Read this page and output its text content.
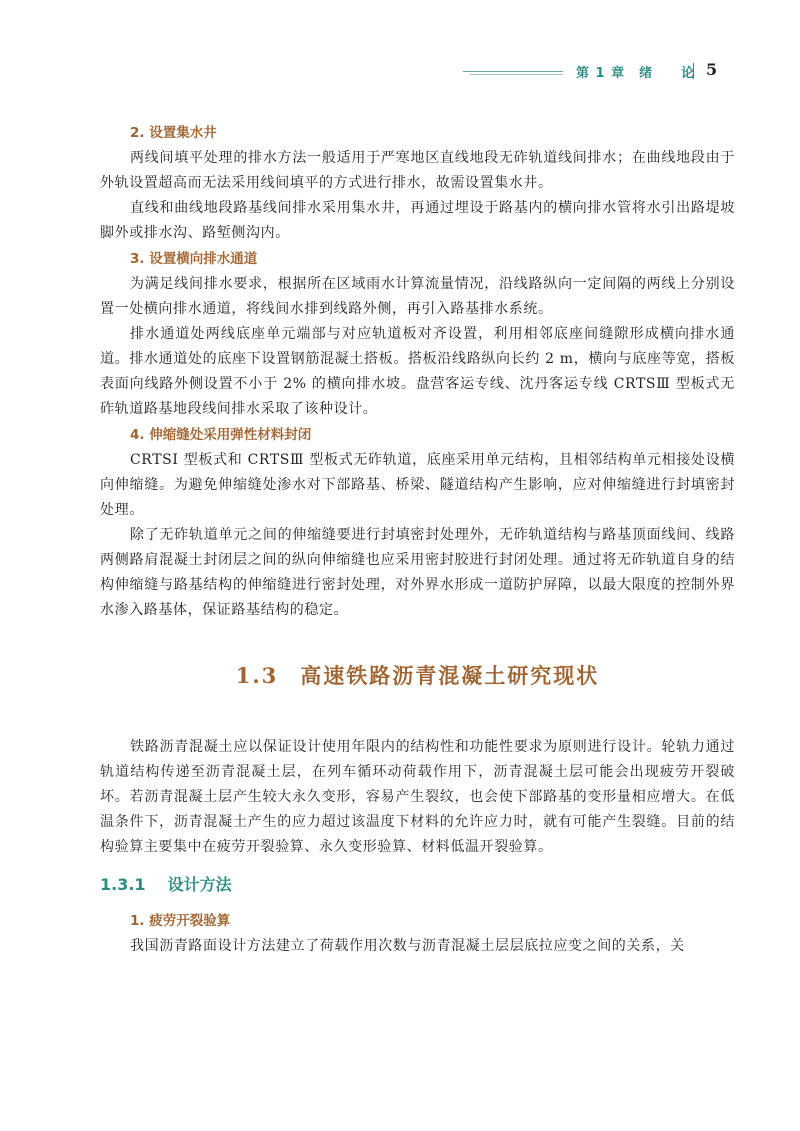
第 1 章　绪　　论 5

2. 设置集水井

两线间填平处理的排水方法一般适用于严寒地区直线地段无砟轨道线间排水；在曲线地段由于外轨设置超高而无法采用线间填平的方式进行排水，故需设置集水井。

直线和曲线地段路基线间排水采用集水井，再通过埋设于路基内的横向排水管将水引出路堤坡脚外或排水沟、路堑侧沟内。

3. 设置横向排水通道

为满足线间排水要求，根据所在区域雨水计算流量情况，沿线路纵向一定间隔的两线上分别设置一处横向排水通道，将线间水排到线路外侧，再引入路基排水系统。

排水通道处两线底座单元端部与对应轨道板对齐设置，利用相邻底座间缝隙形成横向排水通道。排水通道处的底座下设置钢筋混凝土搭板。搭板沿线路纵向长约 2 m，横向与底座等宽，搭板表面向线路外侧设置不小于 2% 的横向排水坡。盘营客运专线、沈丹客运专线 CRTSⅢ 型板式无砟轨道路基地段线间排水采取了该种设计。

4. 伸缩缝处采用弹性材料封闭

CRTSⅠ 型板式和 CRTSⅢ 型板式无砟轨道，底座采用单元结构，且相邻结构单元相接处设横向伸缩缝。为避免伸缩缝处渗水对下部路基、桥梁、隧道结构产生影响，应对伸缩缝进行封填密封处理。

除了无砟轨道单元之间的伸缩缝要进行封填密封处理外，无砟轨道结构与路基顶面线间、线路两侧路肩混凝土封闭层之间的纵向伸缩缝也应采用密封胶进行封闭处理。通过将无砟轨道自身的结构伸缩缝与路基结构的伸缩缝进行密封处理，对外界水形成一道防护屏障，以最大限度的控制外界水渗入路基体，保证路基结构的稳定。

1.3 高速铁路沥青混凝土研究现状

铁路沥青混凝土应以保证设计使用年限内的结构性和功能性要求为原则进行设计。轮轨力通过轨道结构传递至沥青混凝土层，在列车循环动荷载作用下，沥青混凝土层可能会出现疲劳开裂破坏。若沥青混凝土层产生较大永久变形，容易产生裂纹，也会使下部路基的变形量相应增大。在低温条件下，沥青混凝土产生的应力超过该温度下材料的允许应力时，就有可能产生裂缝。目前的结构验算主要集中在疲劳开裂验算、永久变形验算、材料低温开裂验算。

1.3.1 设计方法

1. 疲劳开裂验算

我国沥青路面设计方法建立了荷载作用次数与沥青混凝土层层底拉应变之间的关系，关
